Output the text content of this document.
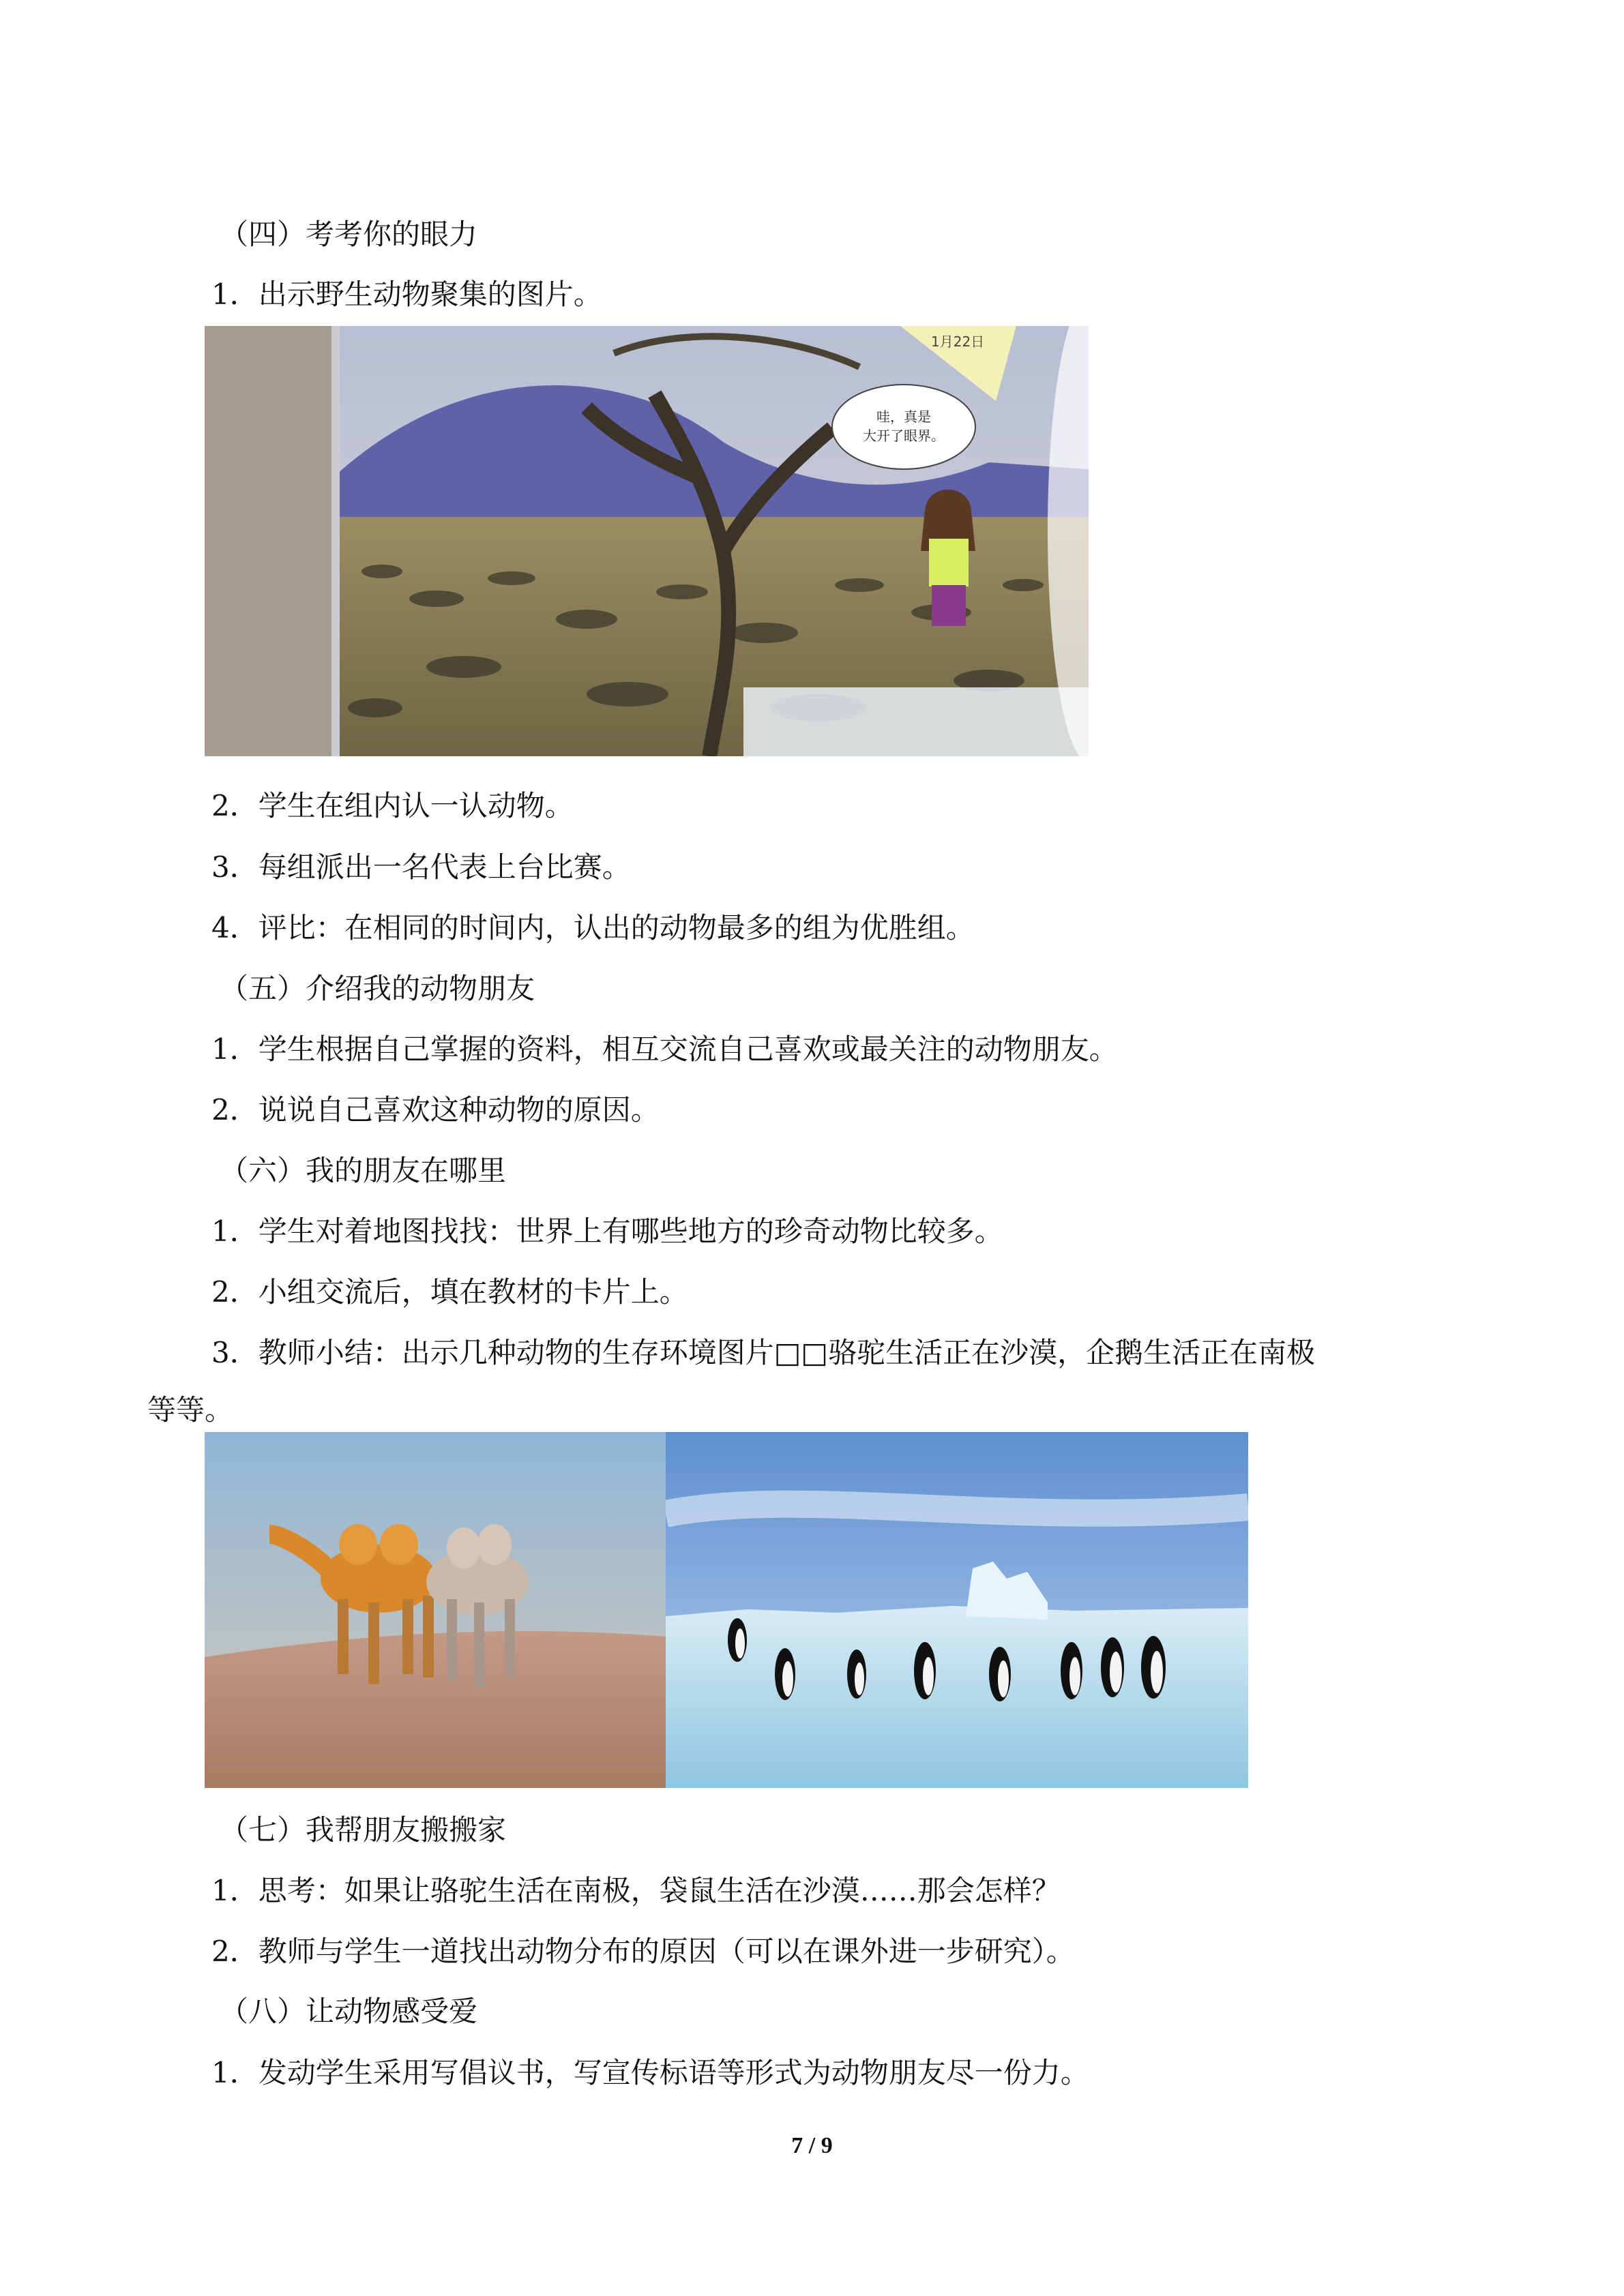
（四）考考你的眼力
1．出示野生动物聚集的图片。
哇，真是
大开了眼界。
1月22日
2．学生在组内认一认动物。
3．每组派出一名代表上台比赛。
4．评比：在相同的时间内，认出的动物最多的组为优胜组。
（五）介绍我的动物朋友
1．学生根据自己掌握的资料，相互交流自己喜欢或最关注的动物朋友。
2．说说自己喜欢这种动物的原因。
（六）我的朋友在哪里
1．学生对着地图找找：世界上有哪些地方的珍奇动物比较多。
2．小组交流后，填在教材的卡片上。
3．教师小结：出示几种动物的生存环境图片□□骆驼生活正在沙漠，企鹅生活正在南极
等等。
（七）我帮朋友搬搬家
1．思考：如果让骆驼生活在南极，袋鼠生活在沙漠……那会怎样？
2．教师与学生一道找出动物分布的原因（可以在课外进一步研究）。
（八）让动物感受爱
1．发动学生采用写倡议书，写宣传标语等形式为动物朋友尽一份力。
7 / 9
